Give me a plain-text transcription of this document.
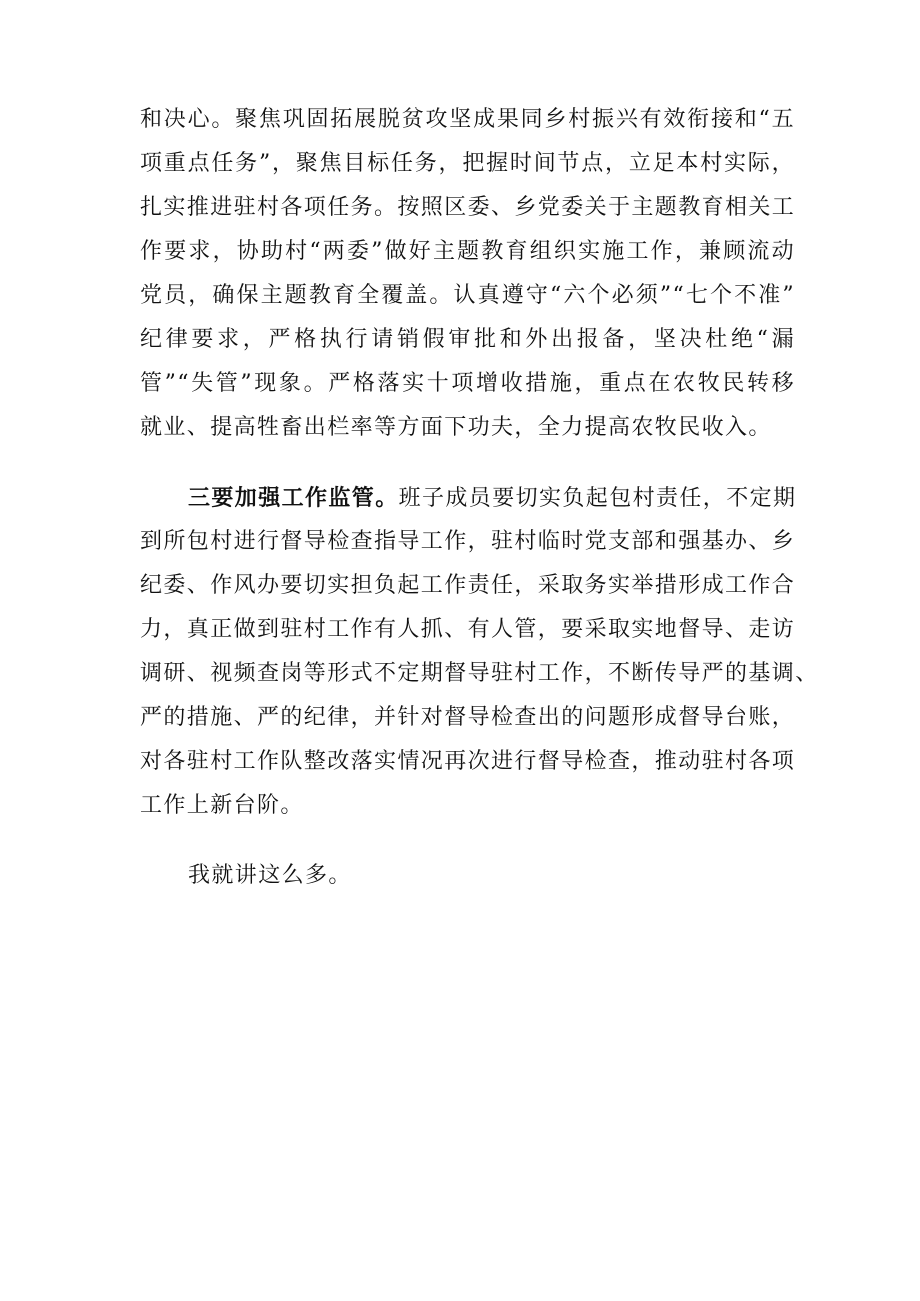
和决心。聚焦巩固拓展脱贫攻坚成果同乡村振兴有效衔接和“五
项重点任务”，聚焦目标任务，把握时间节点，立足本村实际，
扎实推进驻村各项任务。按照区委、乡党委关于主题教育相关工
作要求，协助村“两委”做好主题教育组织实施工作，兼顾流动
党员，确保主题教育全覆盖。认真遵守“六个必须”“七个不准”
纪律要求，严格执行请销假审批和外出报备，坚决杜绝“漏
管”“失管”现象。严格落实十项增收措施，重点在农牧民转移
就业、提高牲畜出栏率等方面下功夫，全力提高农牧民收入。
三要加强工作监管。班子成员要切实负起包村责任，不定期
到所包村进行督导检查指导工作，驻村临时党支部和强基办、乡
纪委、作风办要切实担负起工作责任，采取务实举措形成工作合
力，真正做到驻村工作有人抓、有人管，要采取实地督导、走访
调研、视频查岗等形式不定期督导驻村工作，不断传导严的基调、
严的措施、严的纪律，并针对督导检查出的问题形成督导台账，
对各驻村工作队整改落实情况再次进行督导检查，推动驻村各项
工作上新台阶。
我就讲这么多。
